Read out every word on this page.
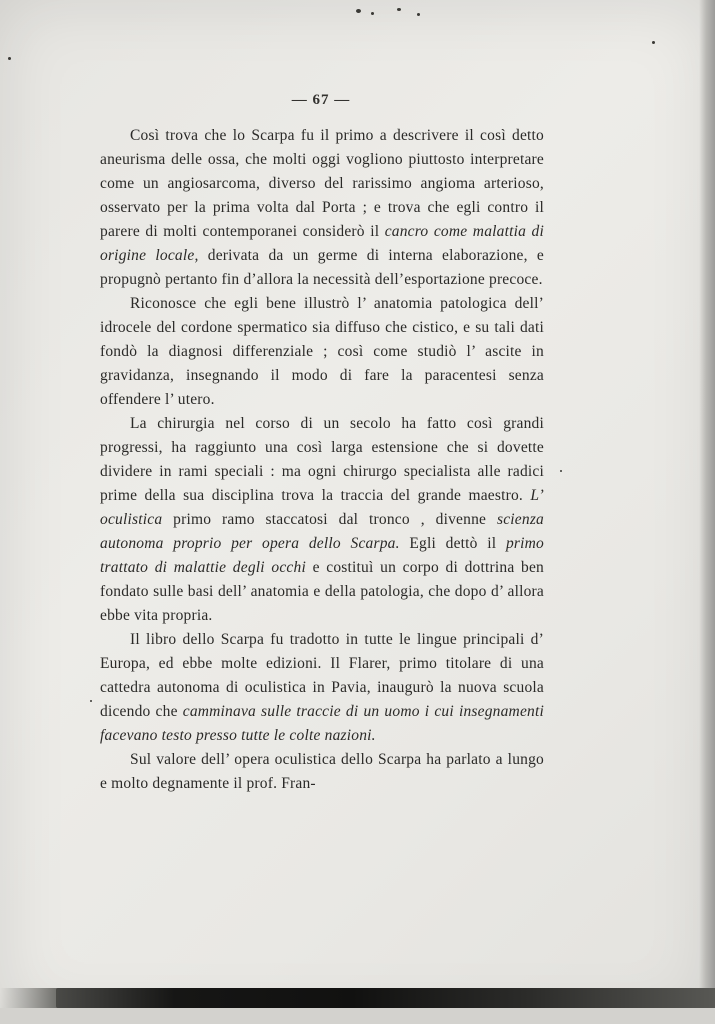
— 67 —

Così trova che lo Scarpa fu il primo a descrivere il così detto aneurisma delle ossa, che molti oggi vogliono piuttosto interpretare come un angiosarcoma, diverso del rarissimo angioma arterioso, osservato per la prima volta dal Porta ; e trova che egli contro il parere di molti contemporanei considerò il cancro come malattia di origine locale, derivata da un germe di interna elaborazione, e propugnò pertanto fin d’allora la necessità dell’esportazione precoce.

Riconosce che egli bene illustrò l’ anatomia patologica dell’ idrocele del cordone spermatico sia diffuso che cistico, e su tali dati fondò la diagnosi differenziale ; così come studiò l’ ascite in gravidanza, insegnando il modo di fare la paracentesi senza offendere l’ utero.

La chirurgia nel corso di un secolo ha fatto così grandi progressi, ha raggiunto una così larga estensione che si dovette dividere in rami speciali : ma ogni chirurgo specialista alle radici prime della sua disciplina trova la traccia del grande maestro. L’ oculistica primo ramo staccatosi dal tronco , divenne scienza autonoma proprio per opera dello Scarpa. Egli dettò il primo trattato di malattie degli occhi e costituì un corpo di dottrina ben fondato sulle basi dell’ anatomia e della patologia, che dopo d’ allora ebbe vita propria.

Il libro dello Scarpa fu tradotto in tutte le lingue principali d’ Europa, ed ebbe molte edizioni. Il Flarer, primo titolare di una cattedra autonoma di oculistica in Pavia, inaugurò la nuova scuola dicendo che camminava sulle traccie di un uomo i cui insegnamenti facevano testo presso tutte le colte nazioni.

Sul valore dell’ opera oculistica dello Scarpa ha parlato a lungo e molto degnamente il prof. Fran-
